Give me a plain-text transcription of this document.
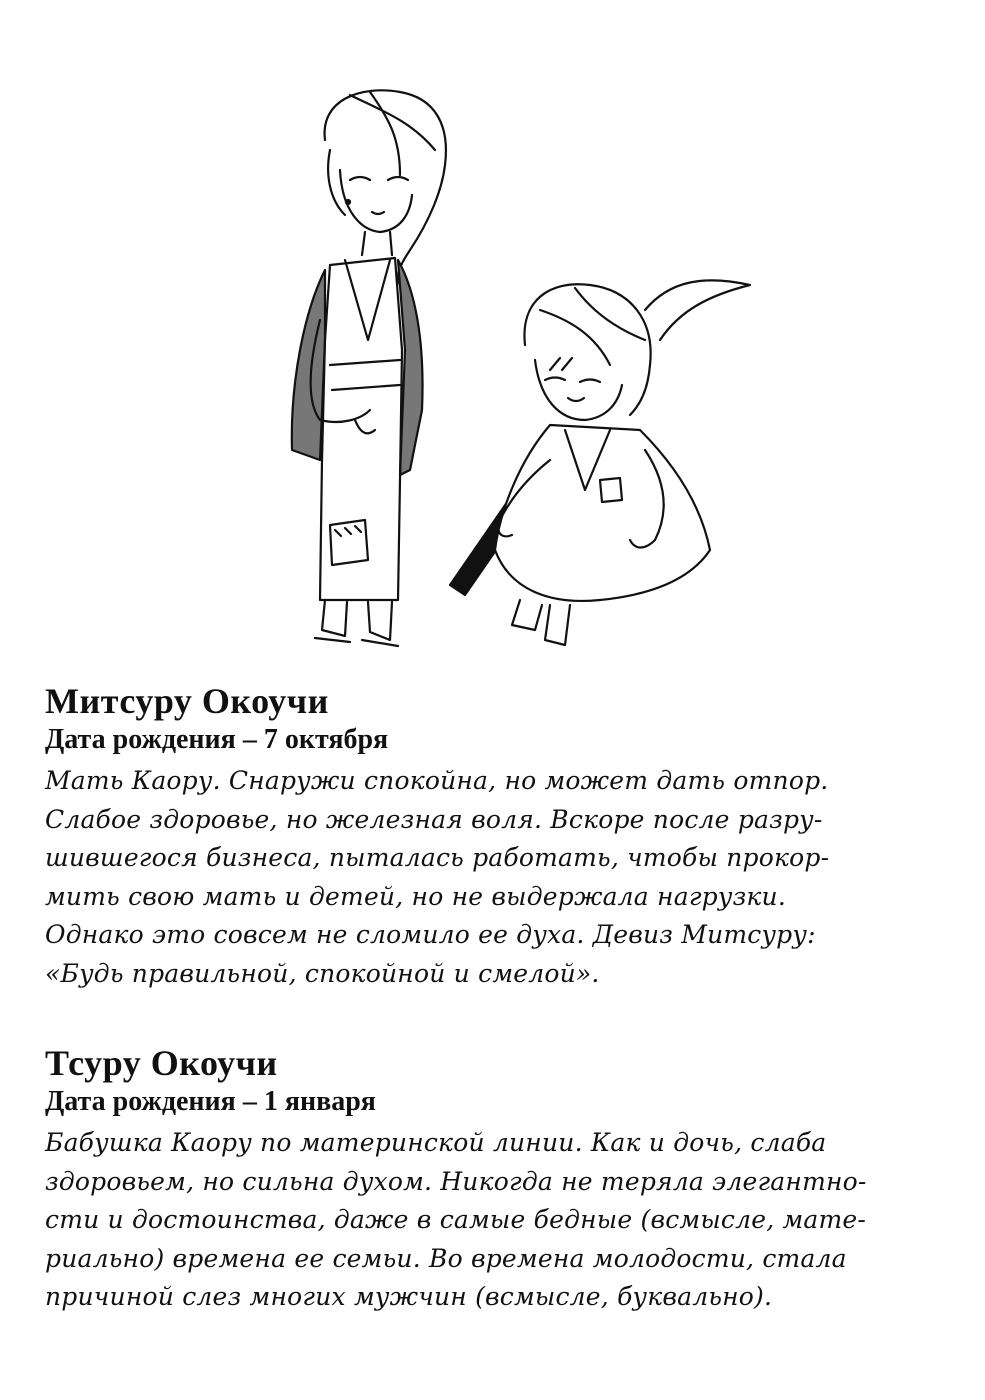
Митсуру Окоучи
Дата рождения – 7 октября
Мать Каору. Снаружи спокойна, но может дать отпор.
Слабое здоровье, но железная воля. Вскоре после разру-
шившегося бизнеса, пыталась работать, чтобы прокор-
мить свою мать и детей, но не выдержала нагрузки.
Однако это совсем не сломило ее духа. Девиз Митсуру:
«Будь правильной, спокойной и смелой».
Тсуру Окоучи
Дата рождения – 1 января
Бабушка Каору по материнской линии. Как и дочь, слаба
здоровьем, но сильна духом. Никогда не теряла элегантно-
сти и достоинства, даже в самые бедные (всмысле, мате-
риально) времена ее семьи. Во времена молодости, стала
причиной слез многих мужчин (всмысле, буквально).
